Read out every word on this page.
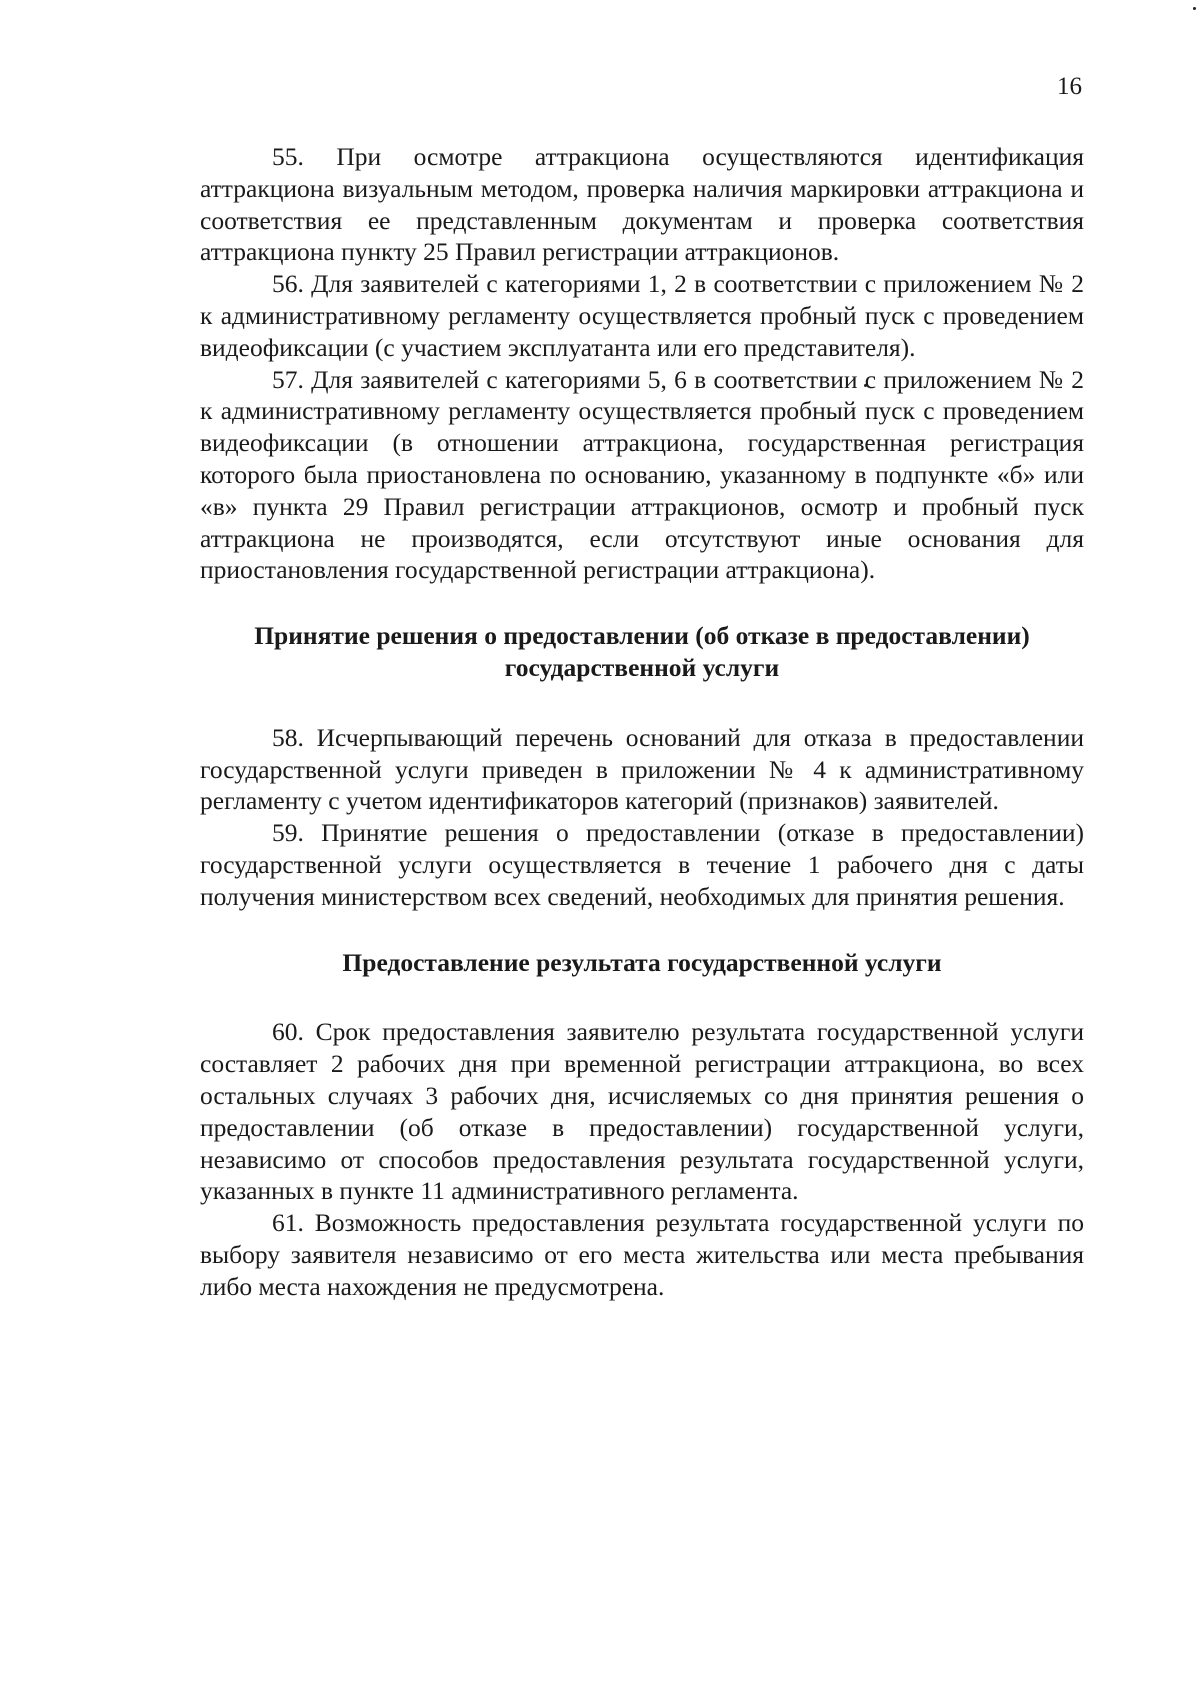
16

55. При осмотре аттракциона осуществляются идентификация аттракциона визуальным методом, проверка наличия маркировки аттракциона и соответствия ее представленным документам и проверка соответствия аттракциона пункту 25 Правил регистрации аттракционов.

56. Для заявителей с категориями 1, 2 в соответствии с приложением № 2 к административному регламенту осуществляется пробный пуск с проведением видеофиксации (с участием эксплуатанта или его представителя).

57. Для заявителей с категориями 5, 6 в соответствии с приложением № 2 к административному регламенту осуществляется пробный пуск с проведением видеофиксации (в отношении аттракциона, государственная регистрация которого была приостановлена по основанию, указанному в подпункте «б» или «в» пункта 29 Правил регистрации аттракционов, осмотр и пробный пуск аттракциона не производятся, если отсутствуют иные основания для приостановления государственной регистрации аттракциона).

Принятие решения о предоставлении (об отказе в предоставлении)

государственной услуги

58. Исчерпывающий перечень оснований для отказа в предоставлении государственной услуги приведен в приложении № 4 к административному регламенту с учетом идентификаторов категорий (признаков) заявителей.

59. Принятие решения о предоставлении (отказе в предоставлении) государственной услуги осуществляется в течение 1 рабочего дня с даты получения министерством всех сведений, необходимых для принятия решения.

Предоставление результата государственной услуги

60. Срок предоставления заявителю результата государственной услуги составляет 2 рабочих дня при временной регистрации аттракциона, во всех остальных случаях 3 рабочих дня, исчисляемых со дня принятия решения о предоставлении (об отказе в предоставлении) государственной услуги, независимо от способов предоставления результата государственной услуги, указанных в пункте 11 административного регламента.

61. Возможность предоставления результата государственной услуги по выбору заявителя независимо от его места жительства или места пребывания либо места нахождения не предусмотрена.
